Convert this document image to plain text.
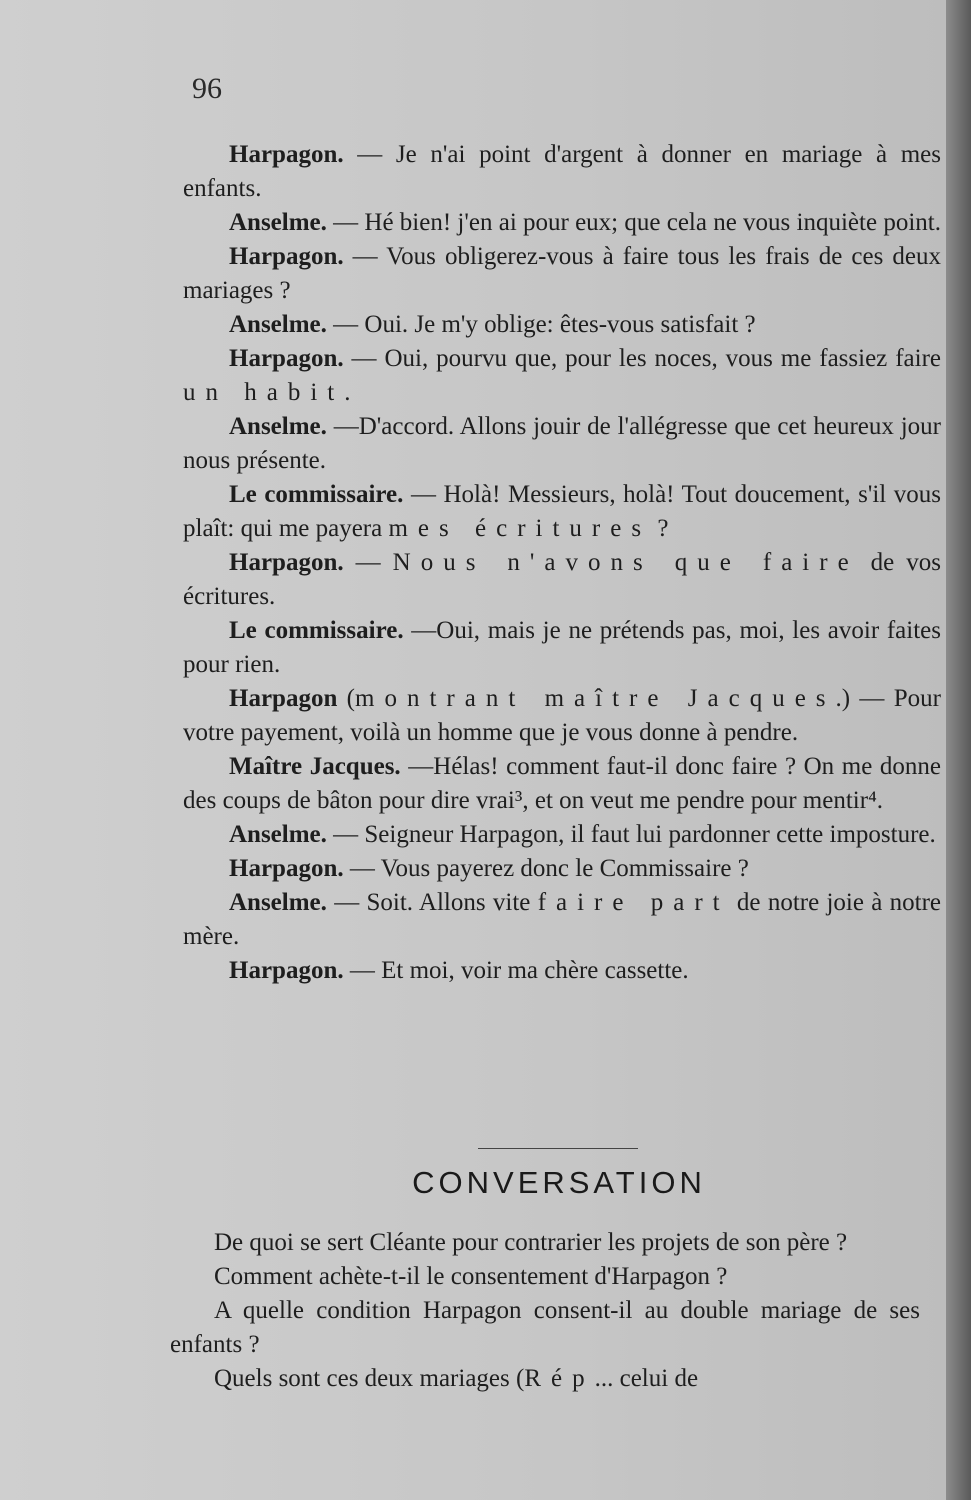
96

Harpagon. — Je n'ai point d'argent à donner en mariage à mes enfants.

Anselme. — Hé bien! j'en ai pour eux; que cela ne vous inquiète point.

Harpagon. — Vous obligerez-vous à faire tous les frais de ces deux mariages ?

Anselme. — Oui. Je m'y oblige: êtes-vous satisfait ?

Harpagon. — Oui, pourvu que, pour les noces, vous me fassiez faire un habit.

Anselme. —D'accord. Allons jouir de l'allégresse que cet heureux jour nous présente.

Le commissaire. — Holà! Messieurs, holà! Tout doucement, s'il vous plaît: qui me payera mes écritures ?

Harpagon. — Nous n'avons que faire de vos écritures.

Le commissaire. —Oui, mais je ne prétends pas, moi, les avoir faites pour rien.

Harpagon (montrant maître Jacques.) — Pour votre payement, voilà un homme que je vous donne à pendre.

Maître Jacques. —Hélas! comment faut-il donc faire ? On me donne des coups de bâton pour dire vrai³, et on veut me pendre pour mentir⁴.

Anselme. — Seigneur Harpagon, il faut lui pardonner cette imposture.

Harpagon. — Vous payerez donc le Commissaire ?

Anselme. — Soit. Allons vite faire part de notre joie à notre mère.

Harpagon. — Et moi, voir ma chère cassette.

CONVERSATION

De quoi se sert Cléante pour contrarier les projets de son père ?

Comment achète-t-il le consentement d'Harpagon ?

A quelle condition Harpagon consent-il au double mariage de ses enfants ?

Quels sont ces deux mariages (Rép... celui de
